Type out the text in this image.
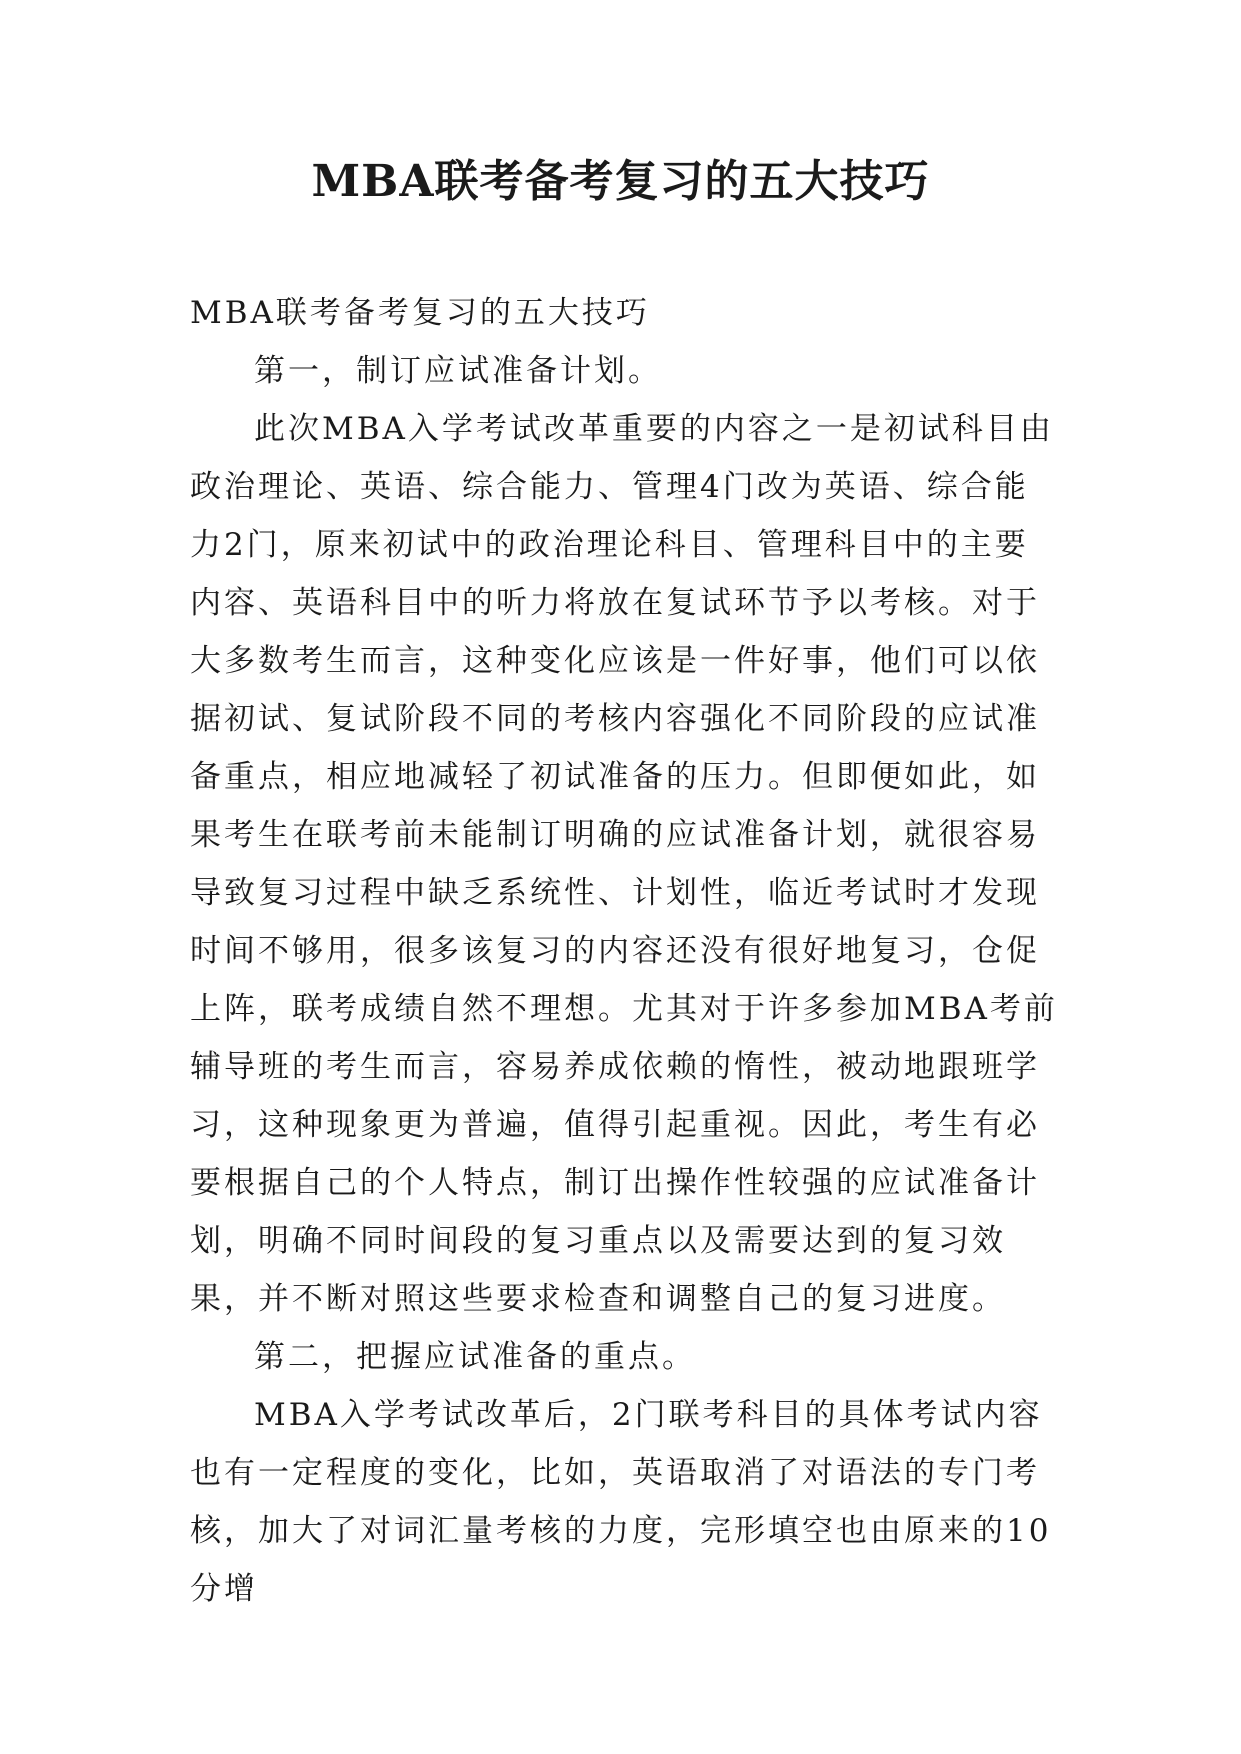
MBA联考备考复习的五大技巧

MBA联考备考复习的五大技巧

第一，制订应试准备计划。

此次MBA入学考试改革重要的内容之一是初试科目由政治理论、英语、综合能力、管理4门改为英语、综合能力2门，原来初试中的政治理论科目、管理科目中的主要内容、英语科目中的听力将放在复试环节予以考核。对于大多数考生而言，这种变化应该是一件好事，他们可以依据初试、复试阶段不同的考核内容强化不同阶段的应试准备重点，相应地减轻了初试准备的压力。但即便如此，如果考生在联考前未能制订明确的应试准备计划，就很容易导致复习过程中缺乏系统性、计划性，临近考试时才发现时间不够用，很多该复习的内容还没有很好地复习，仓促上阵，联考成绩自然不理想。尤其对于许多参加MBA考前辅导班的考生而言，容易养成依赖的惰性，被动地跟班学习，这种现象更为普遍，值得引起重视。因此，考生有必要根据自己的个人特点，制订出操作性较强的应试准备计划，明确不同时间段的复习重点以及需要达到的复习效果，并不断对照这些要求检查和调整自己的复习进度。

第二，把握应试准备的重点。

MBA入学考试改革后，2门联考科目的具体考试内容也有一定程度的变化，比如，英语取消了对语法的专门考核，加大了对词汇量考核的力度，完形填空也由原来的10分增
